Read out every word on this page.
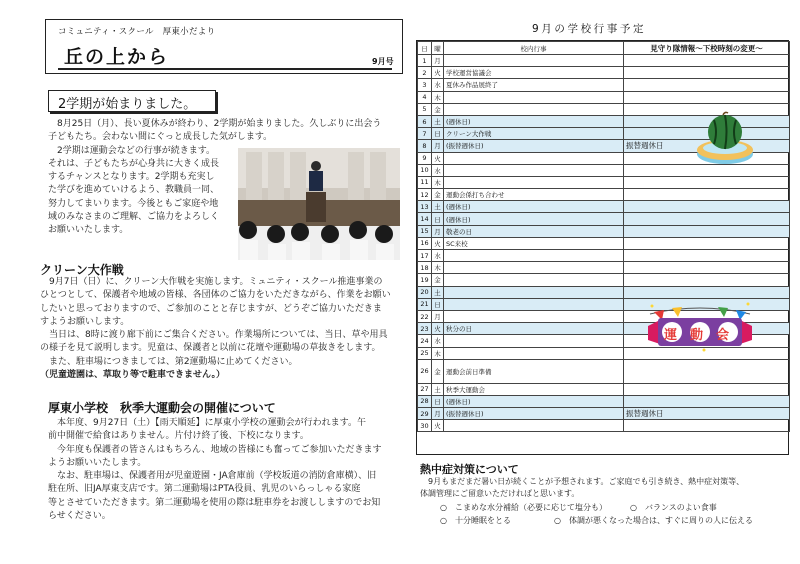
コミュニティ・スクール　厚東小だより
丘の上から	9月号
2学期が始まりました。
　8月25日（月）、長い夏休みが終わり、2学期が始まりました。久しぶりに出会う
子どもたち。会わない間にぐっと成長した気がします。
　2学期は運動会などの行事が続きます。
それは、子どもたちが心身共に大きく成長
するチャンスとなります。2学期も充実し
た学びを進めていけるよう、教職員一同、
努力してまいります。今後ともご家庭や地
域のみなさまのご理解、ご協力をよろしく
お願いいたします。
クリーン大作戦
　9月7日（日）に、クリーン大作戦を実施します。ミュニティ・スクール推進事業の
ひとつとして、保護者や地域の皆様、各団体のご協力をいただきながら、作業をお願い
したいと思っておりますので、ご参加のことと存じますが、どうぞご協力いただきま
すようお願いします。
　当日は、8時に渡り廊下前にご集合ください。作業場所については、当日、草や用具
の様子を見て説明します。児童は、保護者と以前に花壇や運動場の草抜きをします。
　また、駐車場につきましては、第2運動場に止めてください。
（児童遊園は、草取り等で駐車できません。）
厚東小学校　秋季大運動会の開催について
　本年度、9月27日（土）【雨天順延】に厚東小学校の運動会が行われます。午
前中開催で給食はありません。片付け終了後、下校になります。
　今年度も保護者の皆さんはもちろん、地域の皆様にも奮ってご参加いただきます
ようお願いいたします。
　なお、駐車場は、保護者用が児童遊園・JA倉庫前（学校坂道の消防倉庫横）、旧
駐在所、旧JA厚東支店です。第二運動場はPTA役員、乳児のいらっしゃる家庭
等とさせていただきます。第二運動場を使用の際は駐車券をお渡ししますのでお知
らせください。
9月の学校行事予定
日	曜	校内行事	見守り隊情報～下校時刻の変更～
1	月		
2	火	学校運営協議会	
3	水	夏休み作品展終了	
4	木		
5	金		
6	土	(週休日)	
7	日	クリーン大作戦	
8	月	(振替週休日)	振替週休日
9	火		
10	水		
11	木		
12	金	運動会係打ち合わせ	
13	土	(週休日)	
14	日	(週休日)	
15	月	敬老の日	
16	火	SC来校	
17	水		
18	木		
19	金		
20	土		
21	日		
22	月		
23	火	秋分の日	
24	水		
25	木		
26	金	運動会前日準備	
27	土	秋季大運動会	
28	日	(週休日)	
29	月	(振替週休日)	振替週休日
30	火		
運動会
熱中症対策について
　9月もまだまだ暑い日が続くことが予想されます。ご家庭でも引き続き、熱中症対策等、
体調管理にご留意いただければと思います。
○　こまめな水分補給（必要に応じて塩分も）	○　バランスのよい食事
○　十分睡眠をとる	○　体調が悪くなった場合は、すぐに周りの人に伝える
